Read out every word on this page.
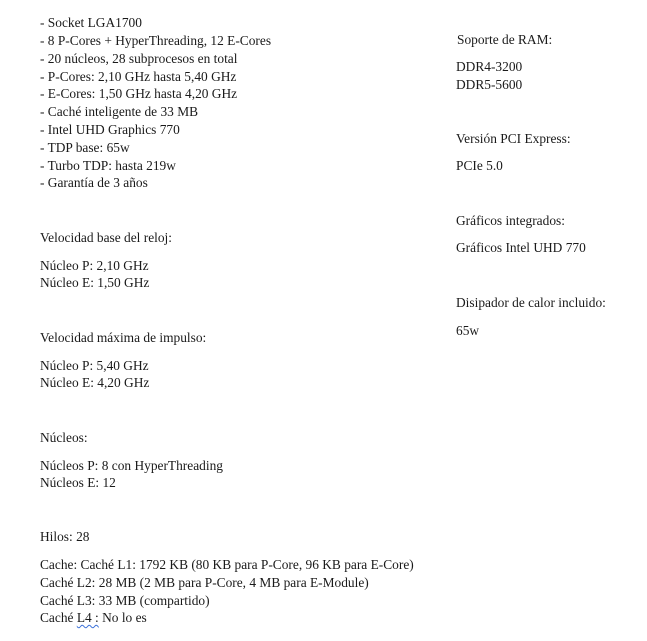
- Socket LGA1700
- 8 P-Cores + HyperThreading, 12 E-Cores
- 20 núcleos, 28 subprocesos en total
- P-Cores: 2,10 GHz hasta 5,40 GHz
- E-Cores: 1,50 GHz hasta 4,20 GHz
- Caché inteligente de 33 MB
- Intel UHD Graphics 770
- TDP base: 65w
- Turbo TDP: hasta 219w
- Garantía de 3 años
Velocidad base del reloj:
Núcleo P: 2,10 GHz
Núcleo E: 1,50 GHz
Velocidad máxima de impulso:
Núcleo P: 5,40 GHz
Núcleo E: 4,20 GHz
Núcleos:
Núcleos P: 8 con HyperThreading
Núcleos E: 12
Hilos: 28
Cache: Caché L1: 1792 KB (80 KB para P-Core, 96 KB para E-Core)
Caché L2: 28 MB (2 MB para P-Core, 4 MB para E-Module)
Caché L3: 33 MB (compartido)
Caché L4 : No lo es
Soporte de RAM:
DDR4-3200
DDR5-5600
Versión PCI Express:
PCIe 5.0
Gráficos integrados:
Gráficos Intel UHD 770
Disipador de calor incluido:
65w
